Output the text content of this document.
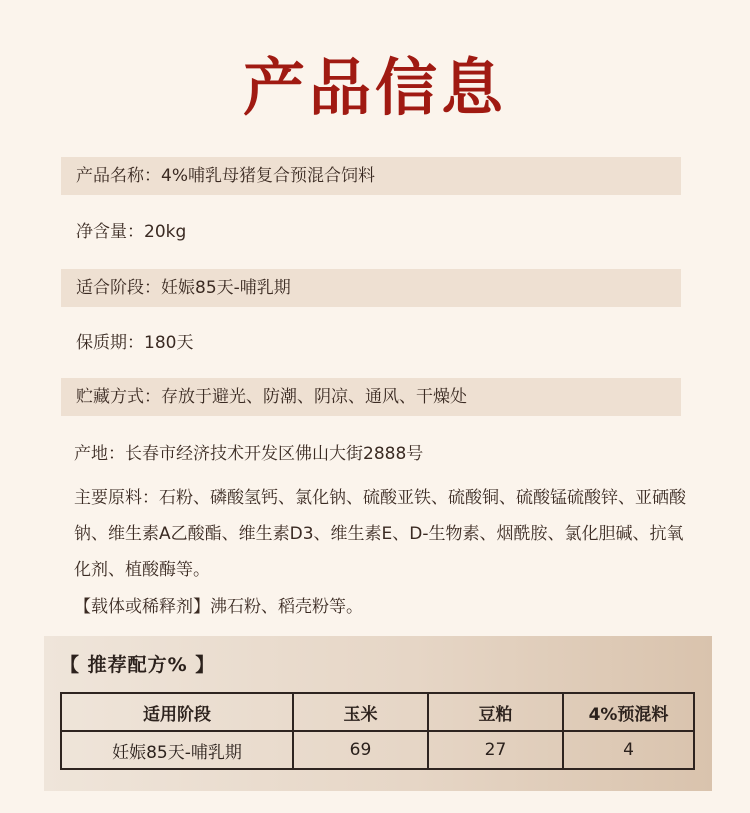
产品信息
产品名称：4%哺乳母猪复合预混合饲料
净含量：20kg
适合阶段：妊娠85天-哺乳期
保质期：180天
贮藏方式：存放于避光、防潮、阴凉、通风、干燥处
产地：长春市经济技术开发区佛山大街2888号
主要原料：石粉、磷酸氢钙、氯化钠、硫酸亚铁、硫酸铜、硫酸锰硫酸锌、亚硒酸钠、维生素A乙酸酯、维生素D3、维生素E、D-生物素、烟酰胺、氯化胆碱、抗氧化剂、植酸酶等。
【载体或稀释剂】沸石粉、稻壳粉等。
【 推荐配方% 】
适用阶段	玉米	豆粕	4%预混料
妊娠85天-哺乳期	69	27	4
